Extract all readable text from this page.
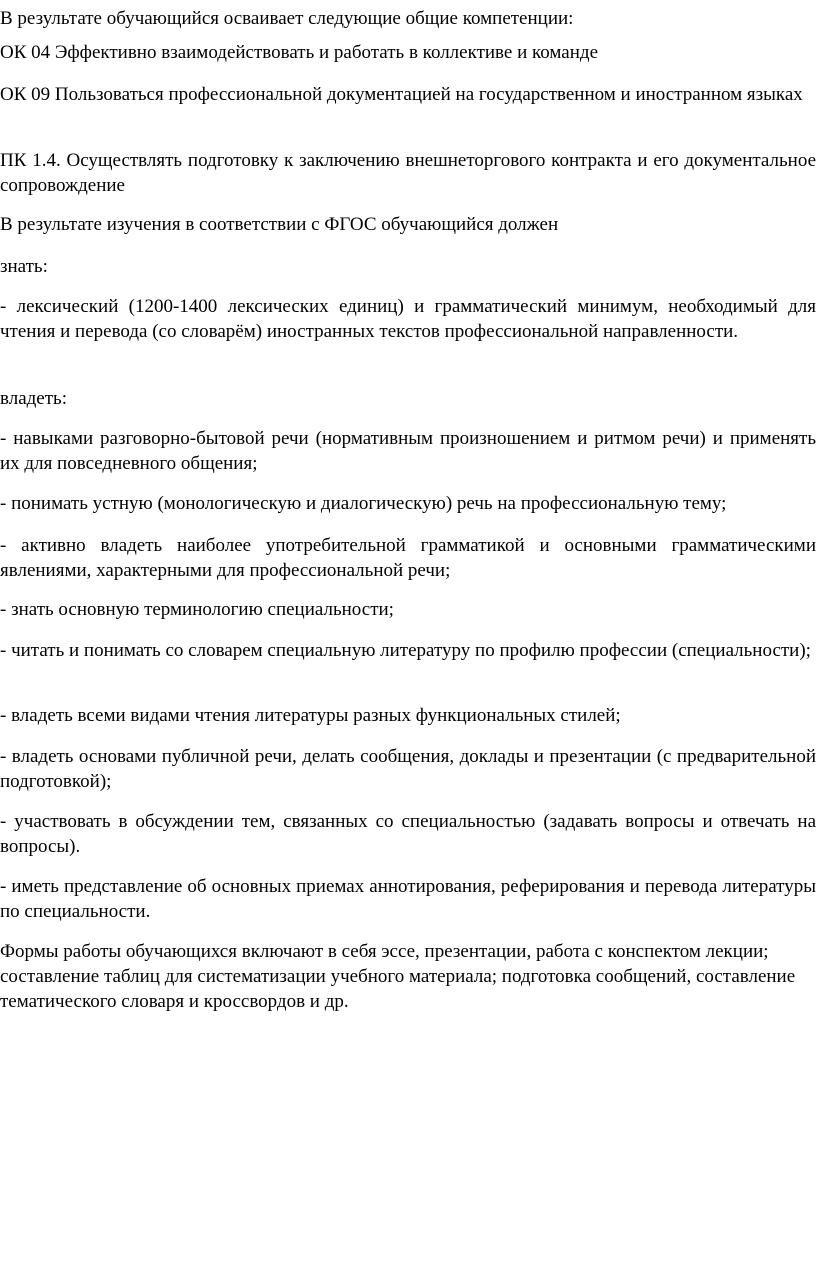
В результате обучающийся осваивает следующие общие компетенции:

ОК 04 Эффективно взаимодействовать и работать в коллективе и команде

ОК 09 Пользоваться профессиональной документацией на государственном и иностранном языках

ПК 1.4. Осуществлять подготовку к заключению внешнеторгового контракта и его документальное сопровождение

В результате изучения в соответствии с ФГОС обучающийся должен

знать:

- лексический (1200-1400 лексических единиц) и грамматический минимум, необходимый для чтения и перевода (со словарём) иностранных текстов профессиональной направленности.

владеть:

- навыками разговорно-бытовой речи (нормативным произношением и ритмом речи) и применять их для повседневного общения;

- понимать устную (монологическую и диалогическую) речь на профессиональную тему;

- активно владеть наиболее употребительной грамматикой и основными грамматическими явлениями, характерными для профессиональной речи;

- знать основную терминологию специальности;

- читать и понимать со словарем специальную литературу по профилю профессии (специальности);

- владеть всеми видами чтения литературы разных функциональных стилей;

- владеть основами публичной речи, делать сообщения, доклады и презентации (с предварительной подготовкой);

- участвовать в обсуждении тем, связанных со специальностью (задавать вопросы и отвечать на вопросы).

- иметь представление об основных приемах аннотирования, реферирования и перевода литературы по специальности.

Формы работы обучающихся включают в себя эссе, презентации, работа с конспектом лекции; составление таблиц для систематизации учебного материала; подготовка сообщений, составление тематического словаря и кроссвордов и др.
